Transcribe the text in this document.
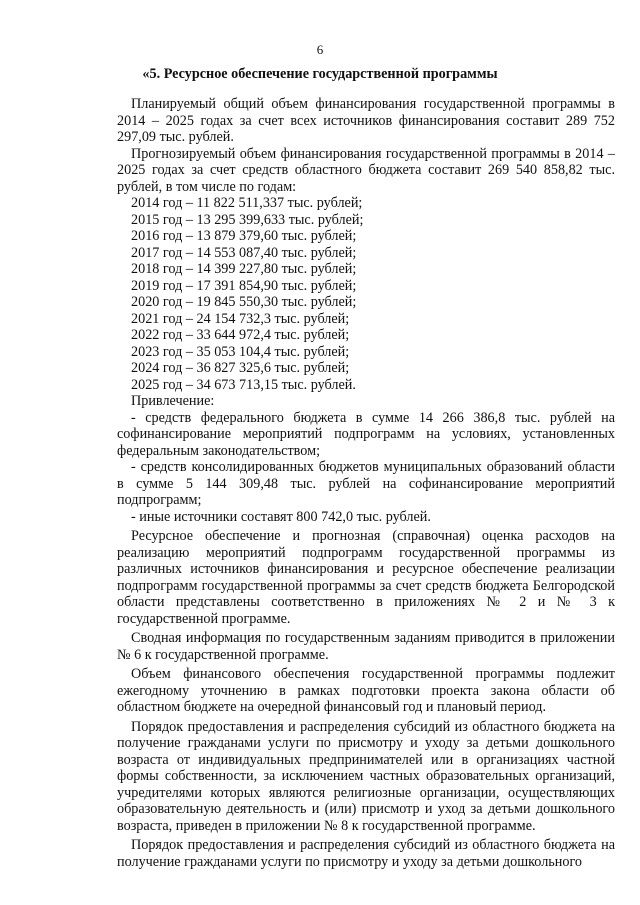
6
«5. Ресурсное обеспечение государственной программы

Планируемый общий объем финансирования государственной программы в 2014 – 2025 годах за счет всех источников финансирования составит 289 752 297,09 тыс. рублей.

Прогнозируемый объем финансирования государственной программы в 2014 – 2025 годах за счет средств областного бюджета составит 269 540 858,82 тыс. рублей, в том числе по годам:

2014 год – 11 822 511,337 тыс. рублей;
2015 год – 13 295 399,633 тыс. рублей;
2016 год – 13 879 379,60 тыс. рублей;
2017 год – 14 553 087,40 тыс. рублей;
2018 год – 14 399 227,80 тыс. рублей;
2019 год – 17 391 854,90 тыс. рублей;
2020 год – 19 845 550,30 тыс. рублей;
2021 год – 24 154 732,3 тыс. рублей;
2022 год – 33 644 972,4 тыс. рублей;
2023 год – 35 053 104,4 тыс. рублей;
2024 год – 36 827 325,6 тыс. рублей;
2025 год – 34 673 713,15 тыс. рублей.
Привлечение:

- средств федерального бюджета в сумме 14 266 386,8 тыс. рублей на софинансирование мероприятий подпрограмм на условиях, установленных федеральным законодательством;

- средств консолидированных бюджетов муниципальных образований области в сумме 5 144 309,48 тыс. рублей на софинансирование мероприятий подпрограмм;

- иные источники составят 800 742,0 тыс. рублей.

Ресурсное обеспечение и прогнозная (справочная) оценка расходов на реализацию мероприятий подпрограмм государственной программы из различных источников финансирования и ресурсное обеспечение реализации подпрограмм государственной программы за счет средств бюджета Белгородской области представлены соответственно в приложениях № 2 и № 3 к государственной программе.

Сводная информация по государственным заданиям приводится в приложении № 6 к государственной программе.

Объем финансового обеспечения государственной программы подлежит ежегодному уточнению в рамках подготовки проекта закона области об областном бюджете на очередной финансовый год и плановый период.

Порядок предоставления и распределения субсидий из областного бюджета на получение гражданами услуги по присмотру и уходу за детьми дошкольного возраста от индивидуальных предпринимателей или в организациях частной формы собственности, за исключением частных образовательных организаций, учредителями которых являются религиозные организации, осуществляющих образовательную деятельность и (или) присмотр и уход за детьми дошкольного возраста, приведен в приложении № 8 к государственной программе.

Порядок предоставления и распределения субсидий из областного бюджета на получение гражданами услуги по присмотру и уходу за детьми дошкольного
